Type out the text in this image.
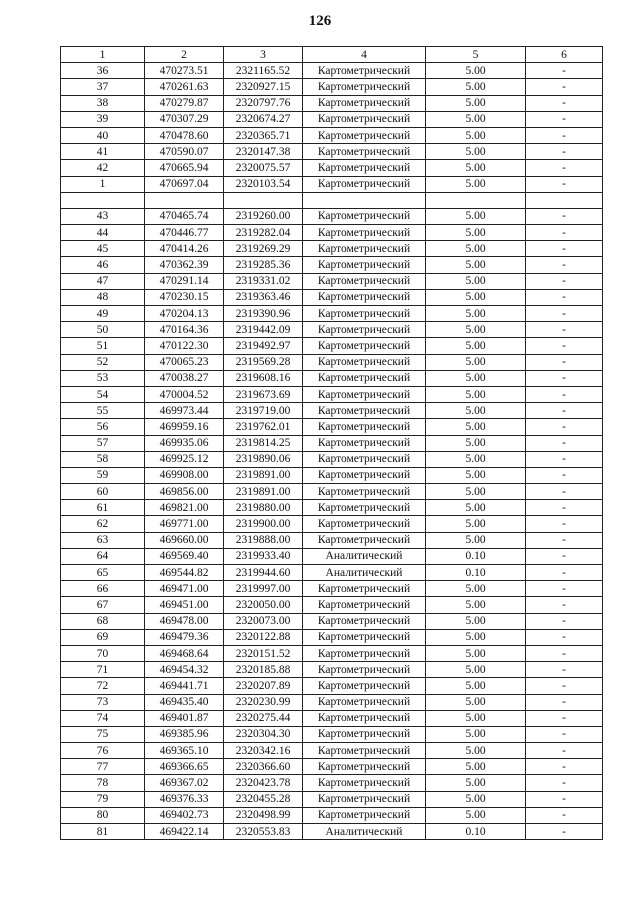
126
1	2	3	4	5	6
36	470273.51	2321165.52	Картометрический	5.00	-
37	470261.63	2320927.15	Картометрический	5.00	-
38	470279.87	2320797.76	Картометрический	5.00	-
39	470307.29	2320674.27	Картометрический	5.00	-
40	470478.60	2320365.71	Картометрический	5.00	-
41	470590.07	2320147.38	Картометрический	5.00	-
42	470665.94	2320075.57	Картометрический	5.00	-
1	470697.04	2320103.54	Картометрический	5.00	-

43	470465.74	2319260.00	Картометрический	5.00	-
44	470446.77	2319282.04	Картометрический	5.00	-
45	470414.26	2319269.29	Картометрический	5.00	-
46	470362.39	2319285.36	Картометрический	5.00	-
47	470291.14	2319331.02	Картометрический	5.00	-
48	470230.15	2319363.46	Картометрический	5.00	-
49	470204.13	2319390.96	Картометрический	5.00	-
50	470164.36	2319442.09	Картометрический	5.00	-
51	470122.30	2319492.97	Картометрический	5.00	-
52	470065.23	2319569.28	Картометрический	5.00	-
53	470038.27	2319608.16	Картометрический	5.00	-
54	470004.52	2319673.69	Картометрический	5.00	-
55	469973.44	2319719.00	Картометрический	5.00	-
56	469959.16	2319762.01	Картометрический	5.00	-
57	469935.06	2319814.25	Картометрический	5.00	-
58	469925.12	2319890.06	Картометрический	5.00	-
59	469908.00	2319891.00	Картометрический	5.00	-
60	469856.00	2319891.00	Картометрический	5.00	-
61	469821.00	2319880.00	Картометрический	5.00	-
62	469771.00	2319900.00	Картометрический	5.00	-
63	469660.00	2319888.00	Картометрический	5.00	-
64	469569.40	2319933.40	Аналитический	0.10	-
65	469544.82	2319944.60	Аналитический	0.10	-
66	469471.00	2319997.00	Картометрический	5.00	-
67	469451.00	2320050.00	Картометрический	5.00	-
68	469478.00	2320073.00	Картометрический	5.00	-
69	469479.36	2320122.88	Картометрический	5.00	-
70	469468.64	2320151.52	Картометрический	5.00	-
71	469454.32	2320185.88	Картометрический	5.00	-
72	469441.71	2320207.89	Картометрический	5.00	-
73	469435.40	2320230.99	Картометрический	5.00	-
74	469401.87	2320275.44	Картометрический	5.00	-
75	469385.96	2320304.30	Картометрический	5.00	-
76	469365.10	2320342.16	Картометрический	5.00	-
77	469366.65	2320366.60	Картометрический	5.00	-
78	469367.02	2320423.78	Картометрический	5.00	-
79	469376.33	2320455.28	Картометрический	5.00	-
80	469402.73	2320498.99	Картометрический	5.00	-
81	469422.14	2320553.83	Аналитический	0.10	-
